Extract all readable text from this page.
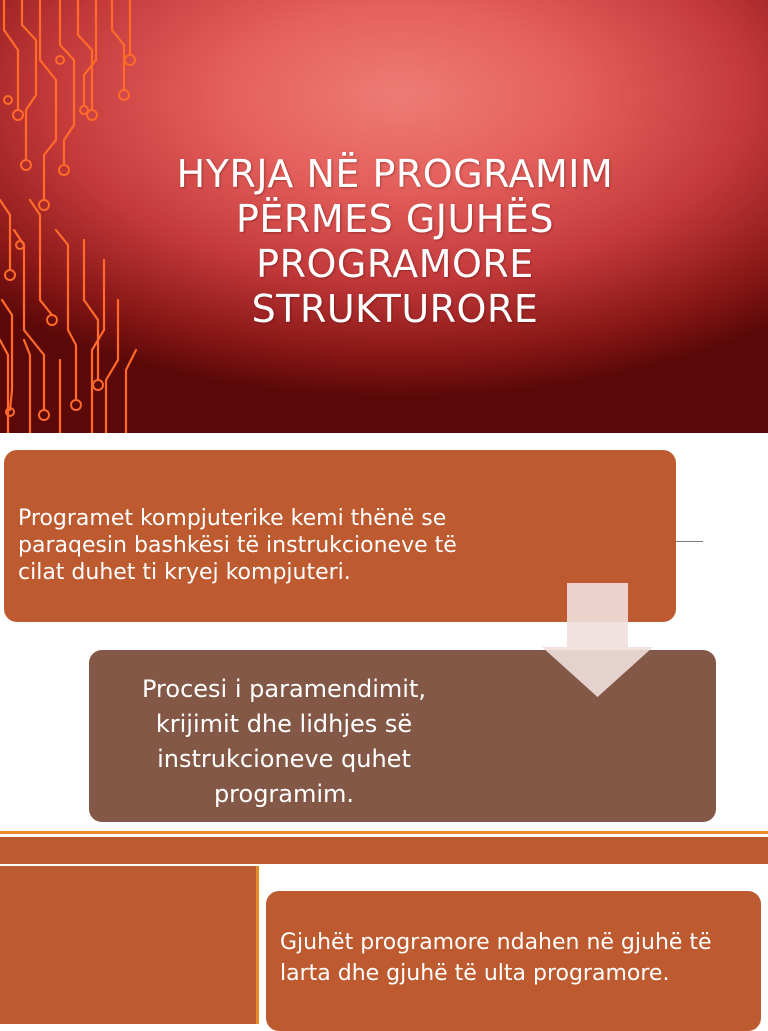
HYRJA NË PROGRAMIM
PËRMES GJUHËS
PROGRAMORE
STRUKTURORE
Programet kompjuterike kemi thënë se
paraqesin bashkësi të instrukcioneve të
cilat duhet ti kryej kompjuteri.
Procesi i paramendimit,
krijimit dhe lidhjes së
instrukcioneve quhet
programim.
Gjuhët programore ndahen në gjuhë të
larta dhe gjuhë të ulta programore.
